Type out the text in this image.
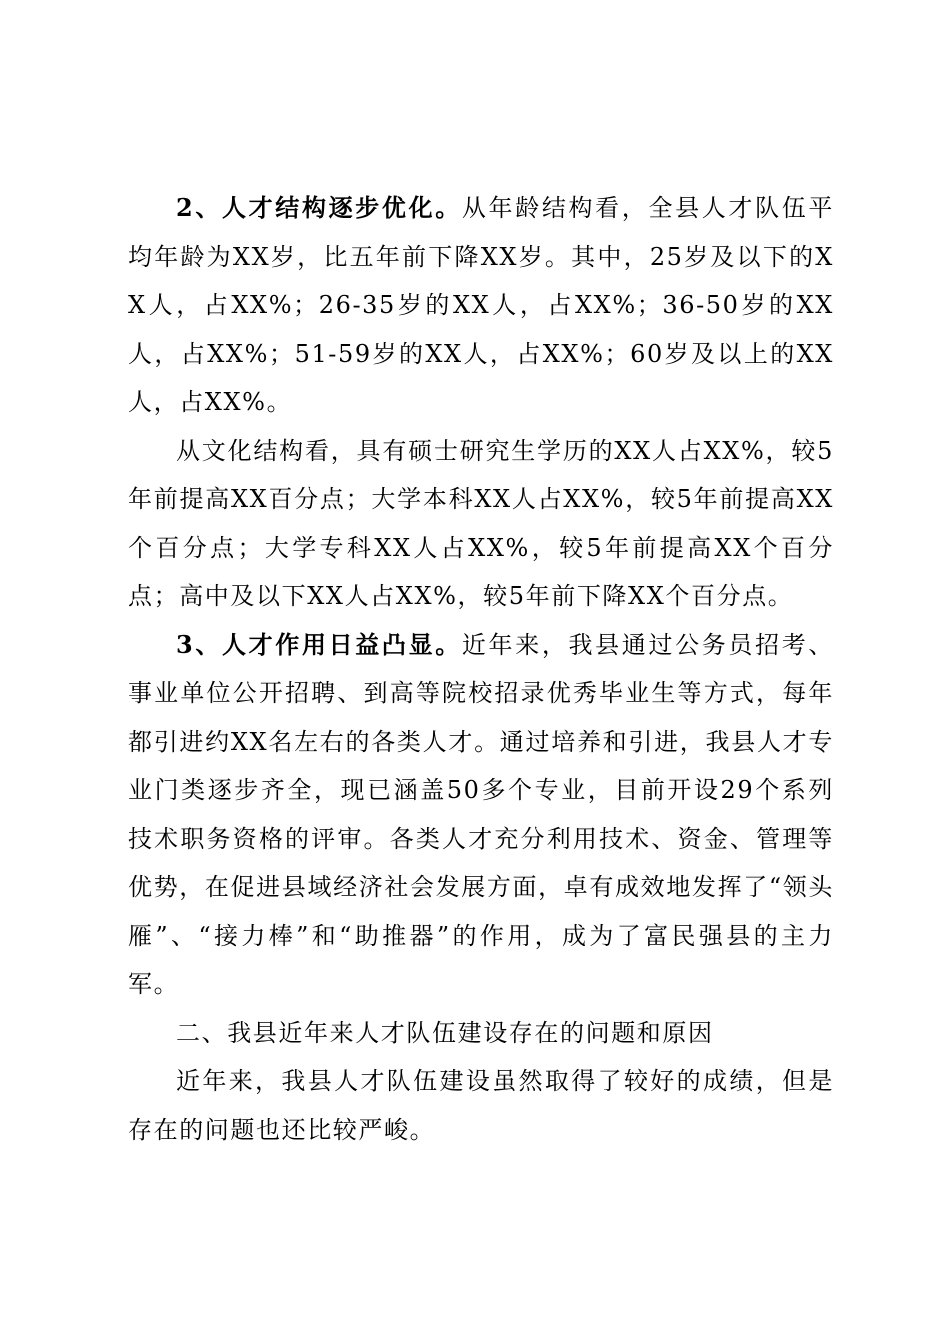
2、人才结构逐步优化。从年龄结构看，全县人才队伍平均年龄为XX岁，比五年前下降XX岁。其中，25岁及以下的XX人，占XX%；26-35岁的XX人，占XX%；36-50岁的XX人，占XX%；51-59岁的XX人，占XX%；60岁及以上的XX人，占XX%。

从文化结构看，具有硕士研究生学历的XX人占XX%，较5年前提高XX百分点；大学本科XX人占XX%，较5年前提高XX个百分点；大学专科XX人占XX%，较5年前提高XX个百分点；高中及以下XX人占XX%，较5年前下降XX个百分点。

3、人才作用日益凸显。近年来，我县通过公务员招考、事业单位公开招聘、到高等院校招录优秀毕业生等方式，每年都引进约XX名左右的各类人才。通过培养和引进，我县人才专业门类逐步齐全，现已涵盖50多个专业，目前开设29个系列技术职务资格的评审。各类人才充分利用技术、资金、管理等优势，在促进县域经济社会发展方面，卓有成效地发挥了“领头雁”、“接力棒”和“助推器”的作用，成为了富民强县的主力军。

二、我县近年来人才队伍建设存在的问题和原因

近年来，我县人才队伍建设虽然取得了较好的成绩，但是存在的问题也还比较严峻。
